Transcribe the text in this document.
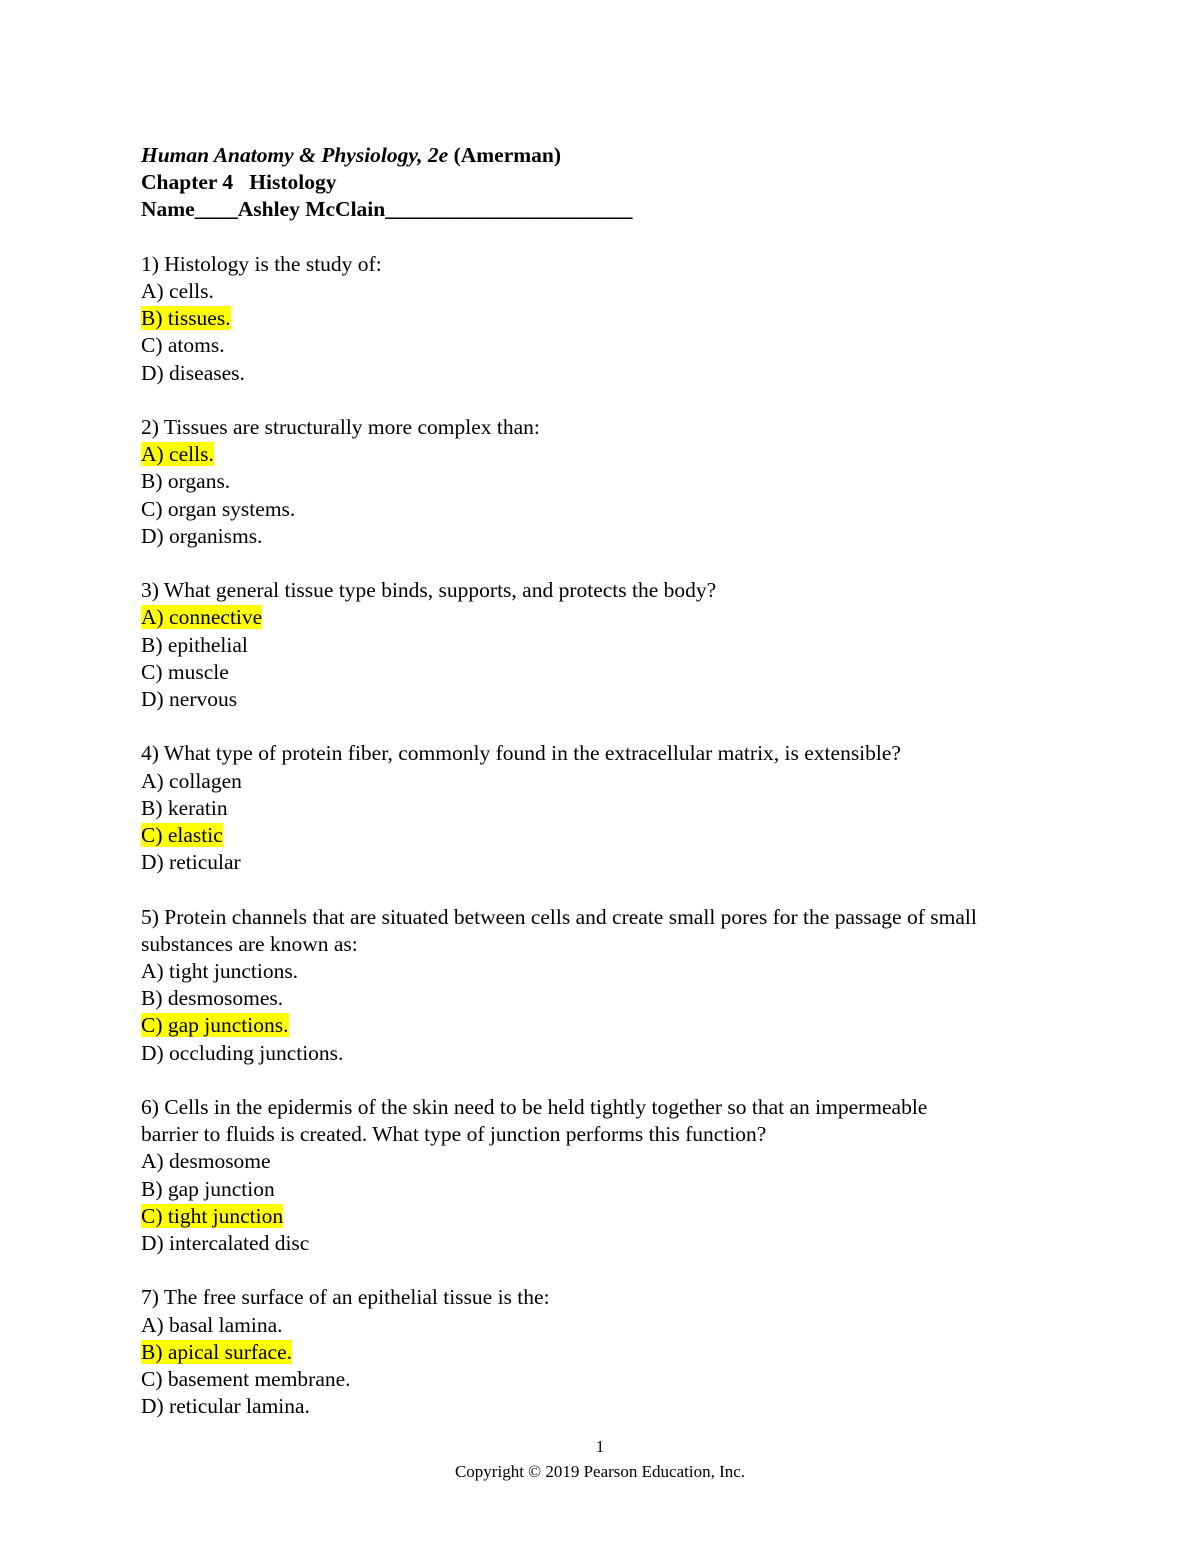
Human Anatomy & Physiology, 2e (Amerman)
Chapter 4   Histology
Name____Ashley McClain_______________________
1) Histology is the study of:
A) cells.
B) tissues.
C) atoms.
D) diseases.
2) Tissues are structurally more complex than:
A) cells.
B) organs.
C) organ systems.
D) organisms.
3) What general tissue type binds, supports, and protects the body?
A) connective
B) epithelial
C) muscle
D) nervous
4) What type of protein fiber, commonly found in the extracellular matrix, is extensible?
A) collagen
B) keratin
C) elastic
D) reticular
5) Protein channels that are situated between cells and create small pores for the passage of small
substances are known as:
A) tight junctions.
B) desmosomes.
C) gap junctions.
D) occluding junctions.
6) Cells in the epidermis of the skin need to be held tightly together so that an impermeable
barrier to fluids is created. What type of junction performs this function?
A) desmosome
B) gap junction
C) tight junction
D) intercalated disc
7) The free surface of an epithelial tissue is the:
A) basal lamina.
B) apical surface.
C) basement membrane.
D) reticular lamina.
1
Copyright © 2019 Pearson Education, Inc.
